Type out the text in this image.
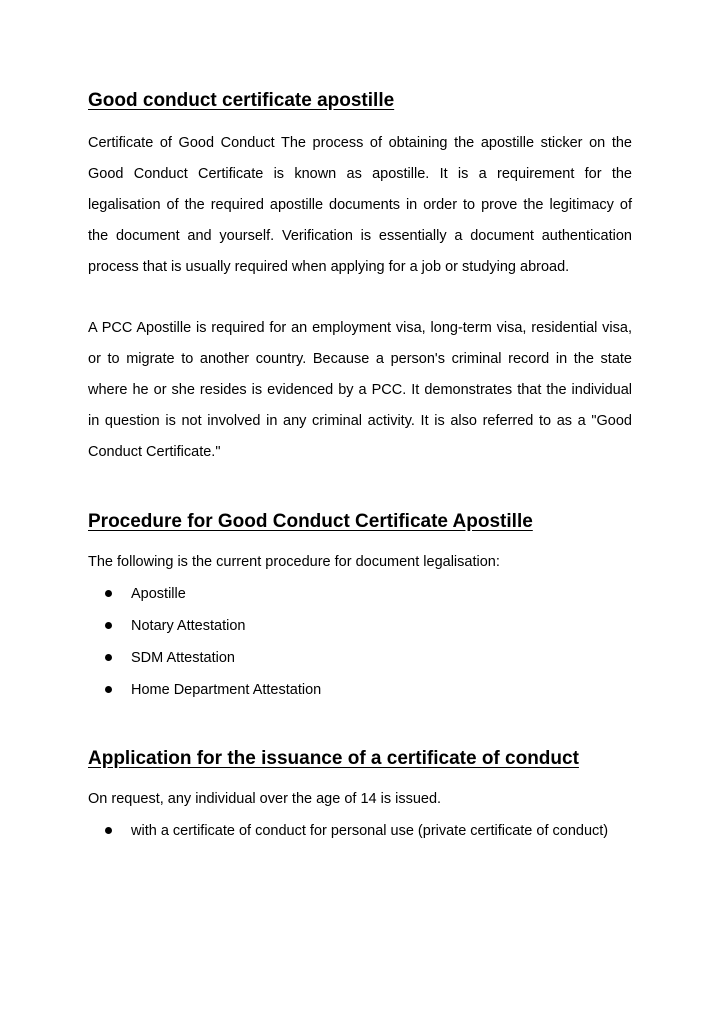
Good conduct certificate apostille

Certificate of Good Conduct The process of obtaining the apostille sticker on the Good Conduct Certificate is known as apostille. It is a requirement for the legalisation of the required apostille documents in order to prove the legitimacy of the document and yourself. Verification is essentially a document authentication process that is usually required when applying for a job or studying abroad.

A PCC Apostille is required for an employment visa, long-term visa, residential visa, or to migrate to another country. Because a person's criminal record in the state where he or she resides is evidenced by a PCC. It demonstrates that the individual in question is not involved in any criminal activity. It is also referred to as a "Good Conduct Certificate."

Procedure for Good Conduct Certificate Apostille

The following is the current procedure for document legalisation:

Apostille
Notary Attestation
SDM Attestation
Home Department Attestation
Application for the issuance of a certificate of conduct

On request, any individual over the age of 14 is issued.

with a certificate of conduct for personal use (private certificate of conduct)
